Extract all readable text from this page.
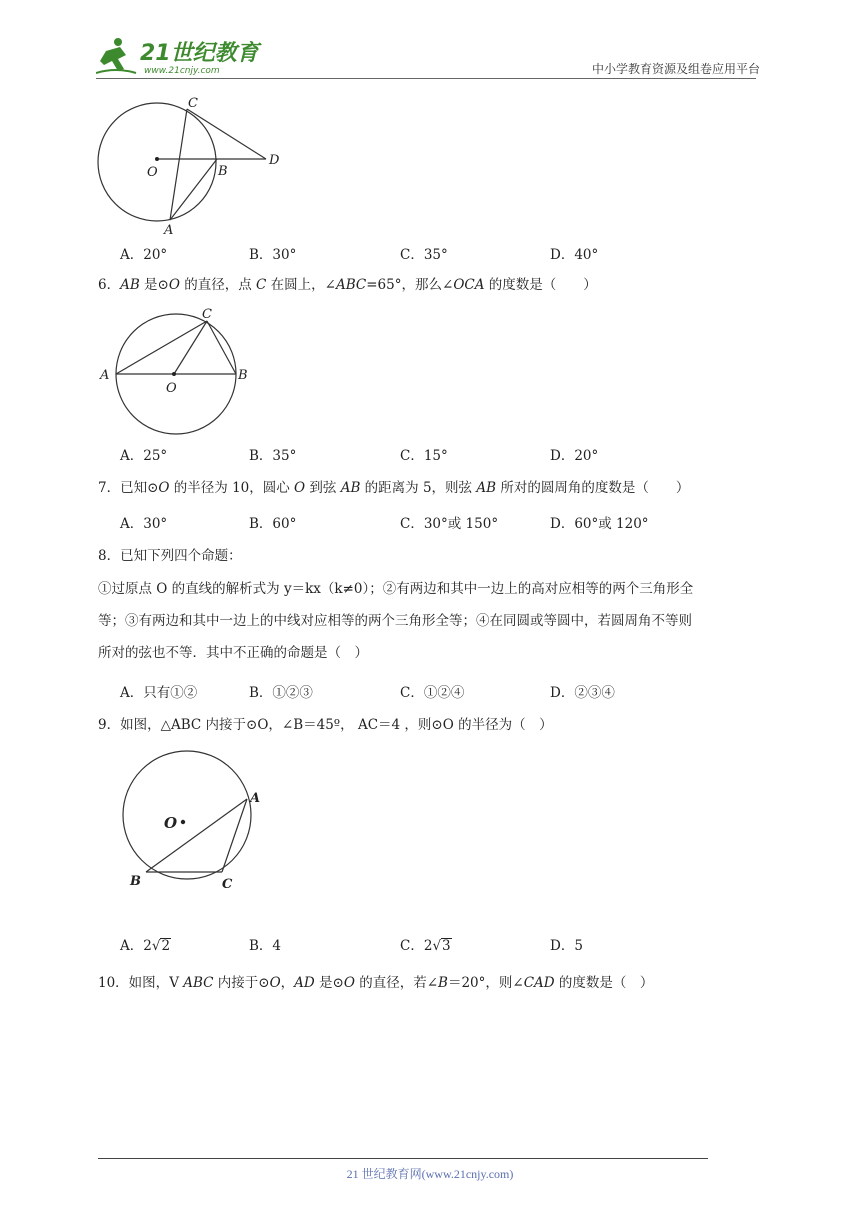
21世纪教育
www.21cnjy.com	中小学教育资源及组卷应用平台
C
O	B
D
A
A．20°	B．30°	C．35°	D．40°
6．AB 是⊙O 的直径，点 C 在圆上，∠ABC=65°，那么∠OCA 的度数是（　　）
A	B
C
O
A．25°	B．35°	C．15°	D．20°
7．已知⊙O 的半径为 10，圆心 O 到弦 AB 的距离为 5，则弦 AB 所对的圆周角的度数是（　　）
A．30°	B．60°	C．30°或 150°	D．60°或 120°
8．已知下列四个命题：
①过原点 O 的直线的解析式为 y＝kx（k≠0）；②有两边和其中一边上的高对应相等的两个三角形全
等；③有两边和其中一边上的中线对应相等的两个三角形全等；④在同圆或等圆中，若圆周角不等则
所对的弦也不等．其中不正确的命题是（　）
A．只有①②	B．①②③	C．①②④	D．②③④
9．如图，△ABC 内接于⊙O，∠B＝45º， AC＝4 ，则⊙O 的半径为（　）
O
A
B	C
A．2√2	B．4	C．2√3	D．5
10．如图，V ABC 内接于⊙O，AD 是⊙O 的直径，若∠B＝20°，则∠CAD 的度数是（　）
21 世纪教育网(www.21cnjy.com)
